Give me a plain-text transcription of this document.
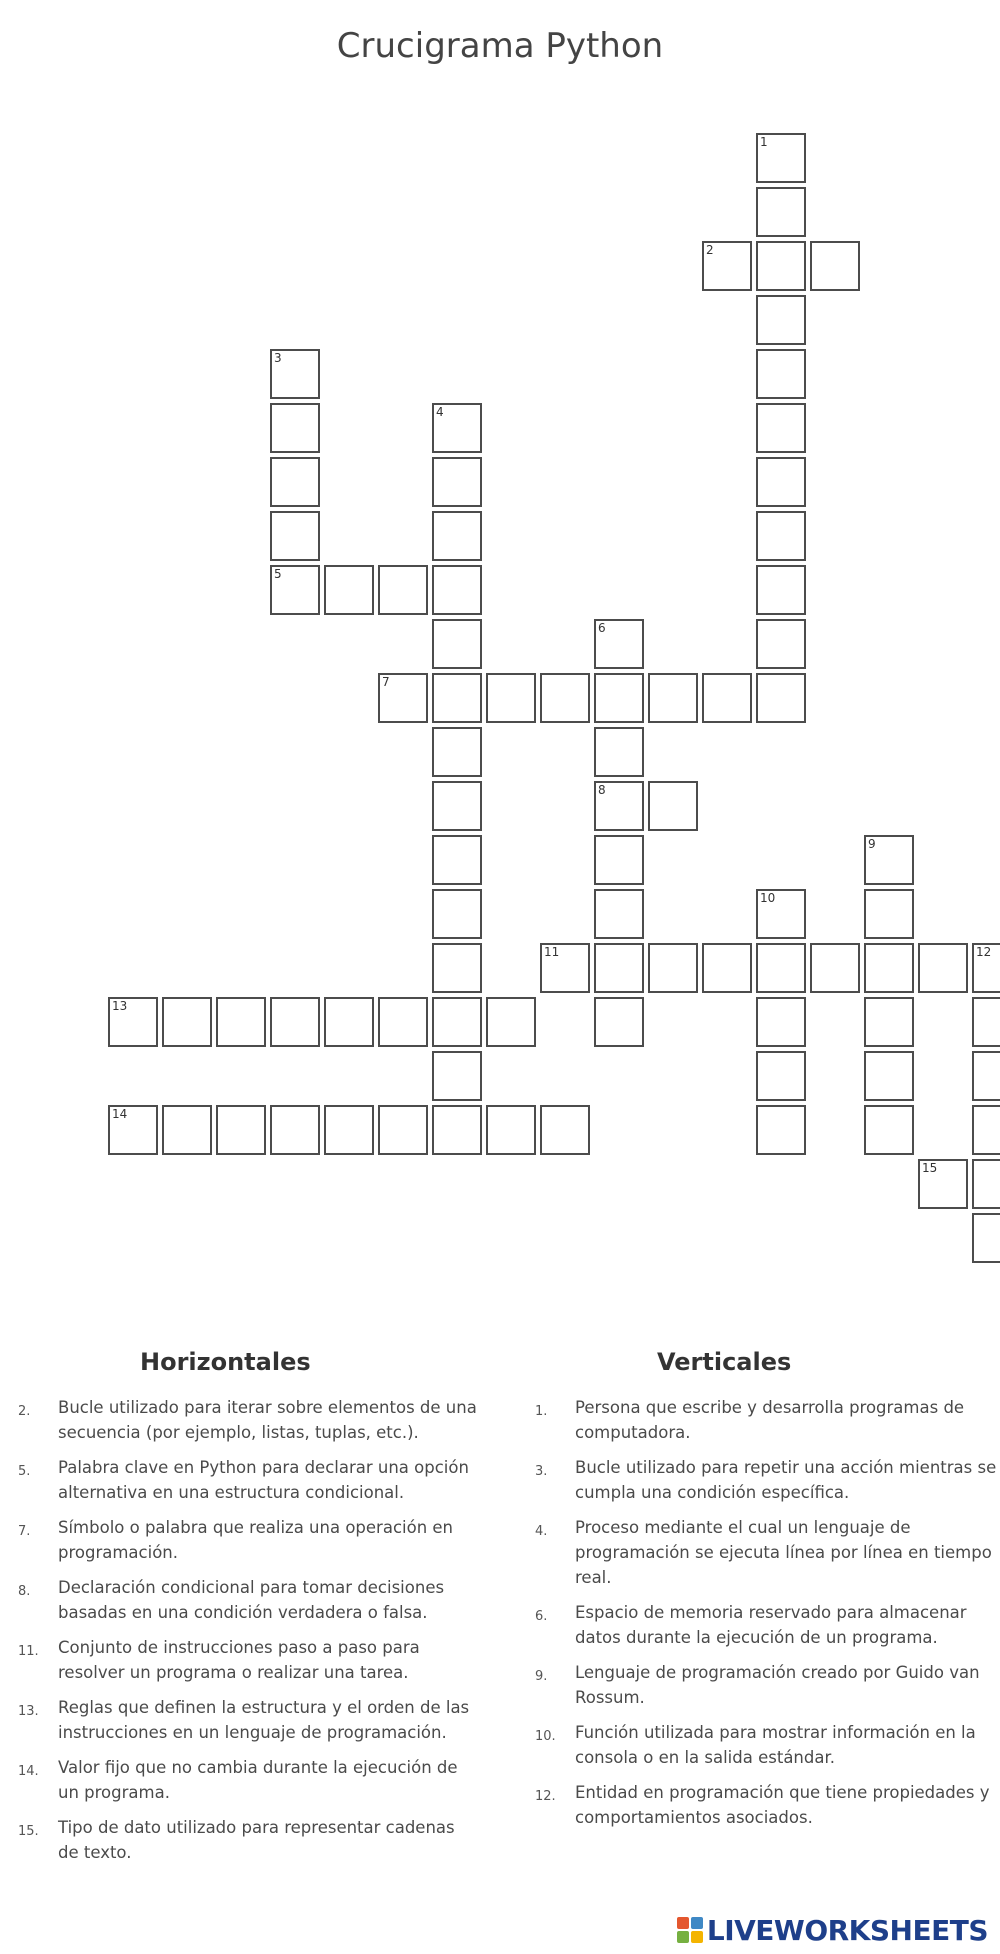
Crucigrama Python
1
3
5
4
6
8
9
10
12
2
7
11
13
14
15
Horizontales
2. Bucle utilizado para iterar sobre elementos de una secuencia (por ejemplo, listas, tuplas, etc.).
5. Palabra clave en Python para declarar una opción alternativa en una estructura condicional.
7. Símbolo o palabra que realiza una operación en programación.
8. Declaración condicional para tomar decisiones basadas en una condición verdadera o falsa.
11. Conjunto de instrucciones paso a paso para resolver un programa o realizar una tarea.
13. Reglas que definen la estructura y el orden de las instrucciones en un lenguaje de programación.
14. Valor fijo que no cambia durante la ejecución de un programa.
15. Tipo de dato utilizado para representar cadenas de texto.
Verticales
1. Persona que escribe y desarrolla programas de computadora.
3. Bucle utilizado para repetir una acción mientras se cumpla una condición específica.
4. Proceso mediante el cual un lenguaje de programación se ejecuta línea por línea en tiempo real.
6. Espacio de memoria reservado para almacenar datos durante la ejecución de un programa.
9. Lenguaje de programación creado por Guido van Rossum.
10. Función utilizada para mostrar información en la consola o en la salida estándar.
12. Entidad en programación que tiene propiedades y comportamientos asociados.
LIVEWORKSHEETS
